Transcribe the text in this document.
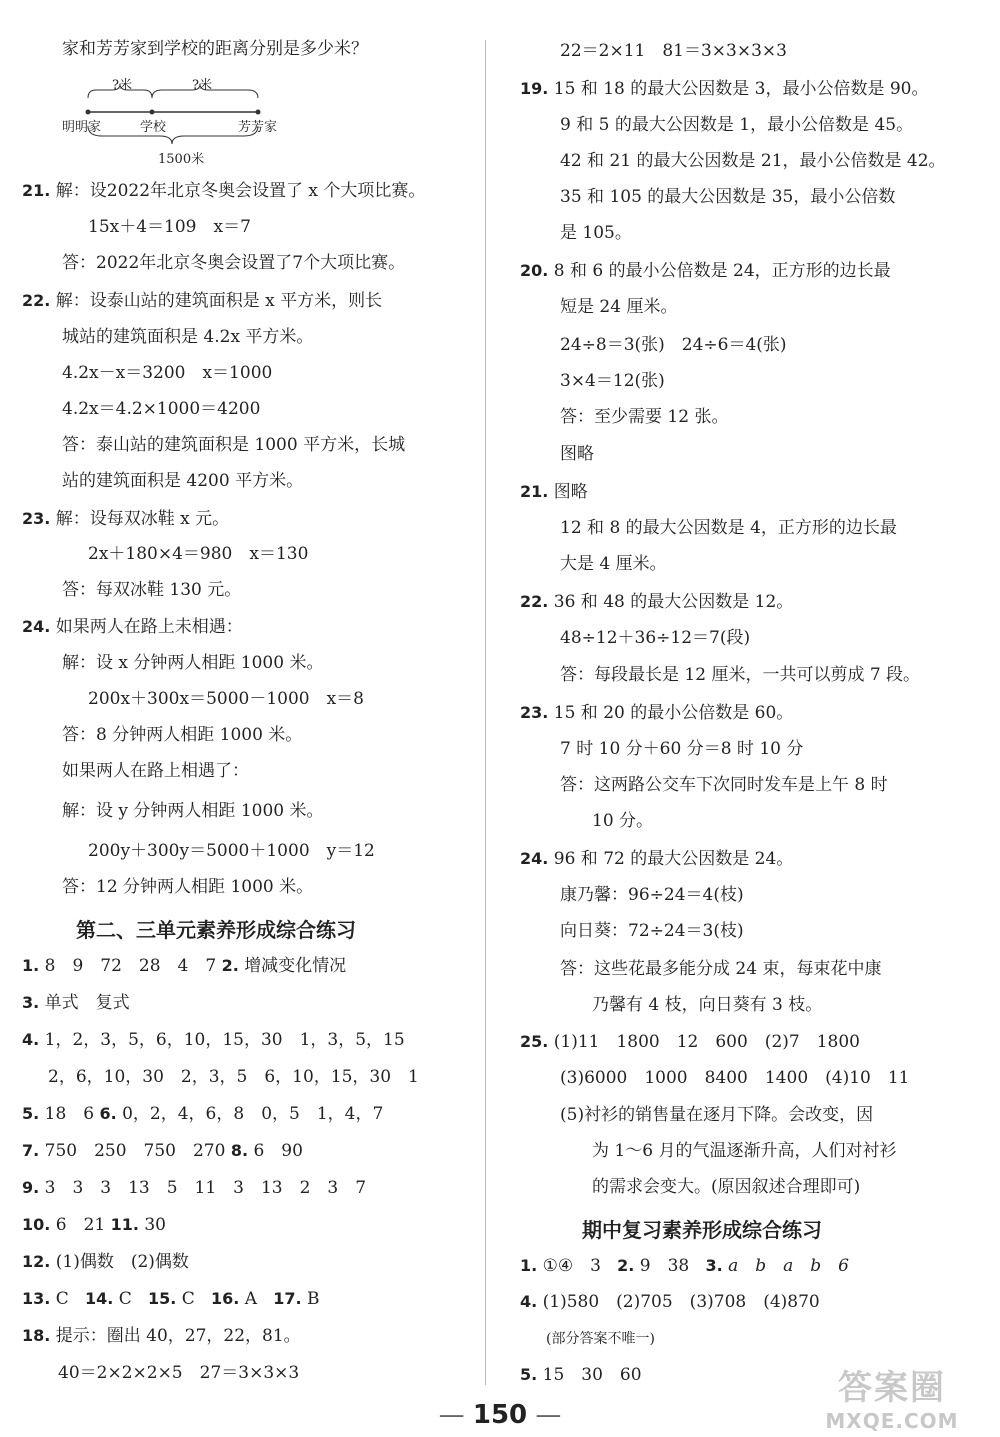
家和芳芳家到学校的距离分别是多少米？
?米	?米
明明家	学校	芳芳家
1500米
21. 解：设2022年北京冬奥会设置了 x 个大项比赛。
15x＋4＝109　x＝7
答：2022年北京冬奥会设置了7个大项比赛。
22. 解：设泰山站的建筑面积是 x 平方米，则长
城站的建筑面积是 4.2x 平方米。
4.2x－x＝3200　x＝1000
4.2x＝4.2×1000＝4200
答：泰山站的建筑面积是 1000 平方米，长城
站的建筑面积是 4200 平方米。
23. 解：设每双冰鞋 x 元。
2x＋180×4＝980　x＝130
答：每双冰鞋 130 元。
24. 如果两人在路上未相遇：
解：设 x 分钟两人相距 1000 米。
200x＋300x＝5000－1000　x＝8
答：8 分钟两人相距 1000 米。
如果两人在路上相遇了：
解：设 y 分钟两人相距 1000 米。
200y＋300y＝5000＋1000　y＝12
答：12 分钟两人相距 1000 米。
第二、三单元素养形成综合练习
1. 8　9　72　28　4　7 2. 增减变化情况
3. 单式　复式
4. 1，2，3，5，6，10，15，30　1，3，5，15
2，6，10，30　2，3，5　6，10，15，30　1
5. 18　6 6. 0，2，4，6，8　0，5　1，4，7
7. 750　250　750　270 8. 6　90
9. 3　3　3　13　5　11　3　13　2　3　7
10. 6　21 11. 30
12. (1)偶数　(2)偶数
13. C 14. C 15. C 16. A 17. B
18. 提示：圈出 40，27，22，81。
40＝2×2×2×5　27＝3×3×3
22＝2×11　81＝3×3×3×3
19. 15 和 18 的最大公因数是 3，最小公倍数是 90。
9 和 5 的最大公因数是 1，最小公倍数是 45。
42 和 21 的最大公因数是 21，最小公倍数是 42。
35 和 105 的最大公因数是 35，最小公倍数
是 105。
20. 8 和 6 的最小公倍数是 24，正方形的边长最
短是 24 厘米。
24÷8＝3(张)　24÷6＝4(张)
3×4＝12(张)
答：至少需要 12 张。
图略
21. 图略
12 和 8 的最大公因数是 4，正方形的边长最
大是 4 厘米。
22. 36 和 48 的最大公因数是 12。
48÷12＋36÷12＝7(段)
答：每段最长是 12 厘米，一共可以剪成 7 段。
23. 15 和 20 的最小公倍数是 60。
7 时 10 分＋60 分＝8 时 10 分
答：这两路公交车下次同时发车是上午 8 时
10 分。
24. 96 和 72 的最大公因数是 24。
康乃馨：96÷24＝4(枝)
向日葵：72÷24＝3(枝)
答：这些花最多能分成 24 束，每束花中康
乃馨有 4 枝，向日葵有 3 枝。
25. (1)11　1800　12　600　(2)7　1800
(3)6000　1000　8400　1400　(4)10　11
(5)衬衫的销售量在逐月下降。会改变，因
为 1～6 月的气温逐渐升高，人们对衬衫
的需求会变大。(原因叙述合理即可)
期中复习素养形成综合练习
1. ①④　3 2. 9　38 3. a　b　a　b　6
4. (1)580　(2)705　(3)708　(4)870
(部分答案不唯一)
5. 15　30　60
— 150 —
答案圈
MXQE.COM
